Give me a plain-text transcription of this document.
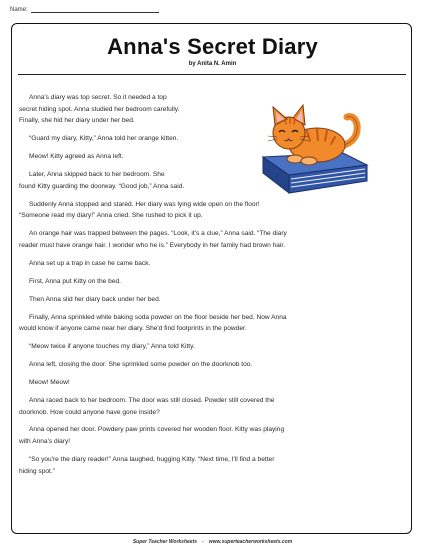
Name:
Anna's Secret Diary
by Anita N. Amin

Anna's diary was top secret. So it needed a top
secret hiding spot. Anna studied her bedroom carefully.
Finally, she hid her diary under her bed.

“Guard my diary, Kitty,” Anna told her orange kitten.

Meow! Kitty agreed as Anna left.

Later, Anna skipped back to her bedroom. She
found Kitty guarding the doorway. “Good job,” Anna said.

Suddenly Anna stopped and stared. Her diary was lying wide open on the floor!
“Someone read my diary!” Anna cried. She rushed to pick it up.

An orange hair was trapped between the pages. “Look, it's a clue,” Anna said. “The diary
reader must have orange hair. I wonder who he is.” Everybody in her family had brown hair.

Anna set up a trap in case he came back.

First, Anna put Kitty on the bed.

Then Anna slid her diary back under her bed.

Finally, Anna sprinkled white baking soda powder on the floor beside her bed. Now Anna
would know if anyone came near her diary. She'd find footprints in the powder.

“Meow twice if anyone touches my diary,” Anna told Kitty.

Anna left, closing the door. She sprinkled some powder on the doorknob too.

Meow! Meow!

Anna raced back to her bedroom. The door was still closed. Powder still covered the
doorknob. How could anyone have gone inside?

Anna opened her door. Powdery paw prints covered her wooden floor. Kitty was playing
with Anna's diary!

“So you're the diary reader!” Anna laughed, hugging Kitty. “Next time, I'll find a better
hiding spot.”

Super Teacher Worksheets - www.superteacherworksheets.com
